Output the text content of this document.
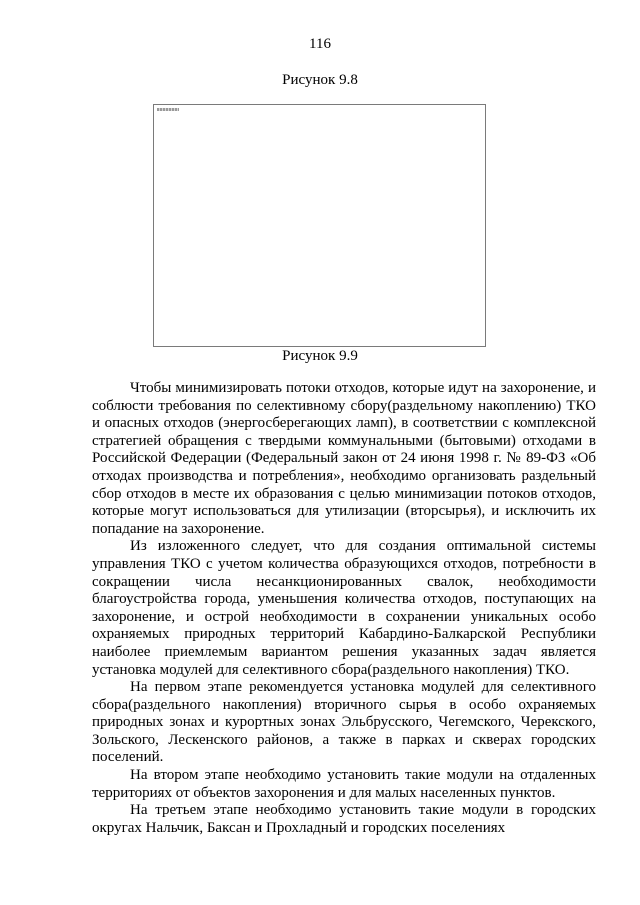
116
Рисунок 9.8
Рисунок 9.9

Чтобы минимизировать потоки отходов, которые идут на захоронение, и соблюсти требования по селективному сбору(раздельному накоплению) ТКО и опасных отходов (энергосберегающих ламп), в соответствии с комплексной стратегией обращения с твердыми коммунальными (бытовыми) отходами в Российской Федерации (Федеральный закон от 24 июня 1998 г. № 89-ФЗ «Об отходах производства и потребления», необходимо организовать раздельный сбор отходов в месте их образования с целью минимизации потоков отходов, которые могут использоваться для утилизации (вторсырья), и исключить их попадание на захоронение.

Из изложенного следует, что для создания оптимальной системы управления ТКО с учетом количества образующихся отходов, потребности в сокращении числа несанкционированных свалок, необходимости благоустройства города, уменьшения количества отходов, поступающих на захоронение, и острой необходимости в сохранении уникальных особо охраняемых природных территорий Кабардино-Балкарской Республики наиболее приемлемым вариантом решения указанных задач является установка модулей для селективного сбора(раздельного накопления) ТКО.

На первом этапе рекомендуется установка модулей для селективного сбора(раздельного накопления) вторичного сырья в особо охраняемых природных зонах и курортных зонах Эльбрусского, Чегемского, Черекского, Зольского, Лескенского районов, а также в парках и скверах городских поселений.

На втором этапе необходимо установить такие модули на отдаленных территориях от объектов захоронения и для малых населенных пунктов.

На третьем этапе необходимо установить такие модули в городских округах Нальчик, Баксан и Прохладный и городских поселениях
